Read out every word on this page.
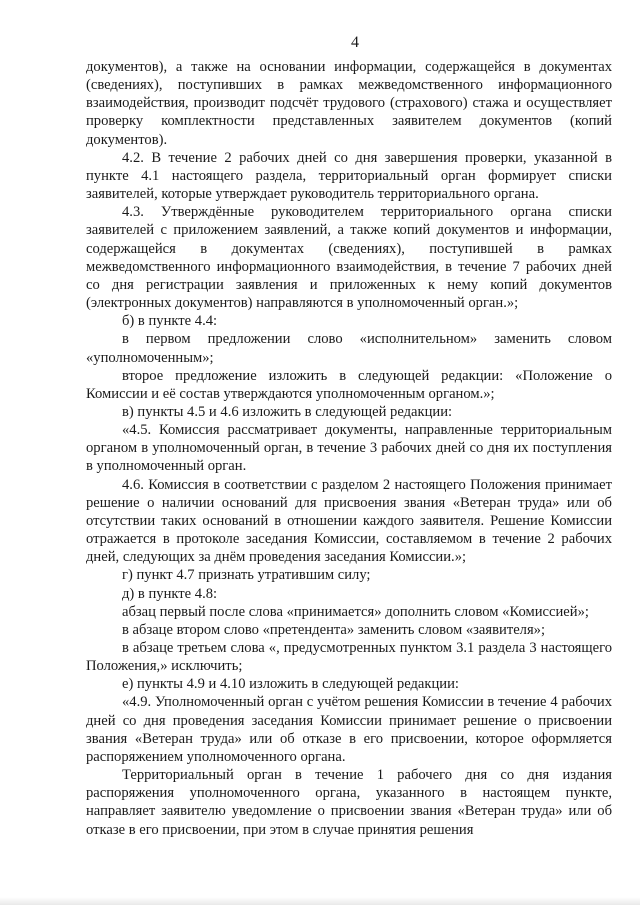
4

документов), а также на основании информации, содержащейся в документах (сведениях), поступивших в рамках межведомственного информационного взаимодействия, производит подсчёт трудового (страхового) стажа и осуществляет проверку комплектности представленных заявителем документов (копий документов).

4.2. В течение 2 рабочих дней со дня завершения проверки, указанной в пункте 4.1 настоящего раздела, территориальный орган формирует списки заявителей, которые утверждает руководитель территориального органа.

4.3. Утверждённые руководителем территориального органа списки заявителей с приложением заявлений, а также копий документов и информации, содержащейся в документах (сведениях), поступившей в рамках межведомственного информационного взаимодействия, в течение 7 рабочих дней со дня регистрации заявления и приложенных к нему копий документов (электронных документов) направляются в уполномоченный орган.»;

б) в пункте 4.4:

в первом предложении слово «исполнительном» заменить словом «уполномоченным»;

второе предложение изложить в следующей редакции: «Положение о Комиссии и её состав утверждаются уполномоченным органом.»;

в) пункты 4.5 и 4.6 изложить в следующей редакции:

«4.5. Комиссия рассматривает документы, направленные территориальным органом в уполномоченный орган, в течение 3 рабочих дней со дня их поступления в уполномоченный орган.

4.6. Комиссия в соответствии с разделом 2 настоящего Положения принимает решение о наличии оснований для присвоения звания «Ветеран труда» или об отсутствии таких оснований в отношении каждого заявителя. Решение Комиссии отражается в протоколе заседания Комиссии, составляемом в течение 2 рабочих дней, следующих за днём проведения заседания Комиссии.»;

г) пункт 4.7 признать утратившим силу;

д) в пункте 4.8:

абзац первый после слова «принимается» дополнить словом «Комиссией»;

в абзаце втором слово «претендента» заменить словом «заявителя»;

в абзаце третьем слова «, предусмотренных пунктом 3.1 раздела 3 настоящего Положения,» исключить;

е) пункты 4.9 и 4.10 изложить в следующей редакции:

«4.9. Уполномоченный орган с учётом решения Комиссии в течение 4 рабочих дней со дня проведения заседания Комиссии принимает решение о присвоении звания «Ветеран труда» или об отказе в его присвоении, которое оформляется распоряжением уполномоченного органа.

Территориальный орган в течение 1 рабочего дня со дня издания распоряжения уполномоченного органа, указанного в настоящем пункте, направляет заявителю уведомление о присвоении звания «Ветеран труда» или об отказе в его присвоении, при этом в случае принятия решения
